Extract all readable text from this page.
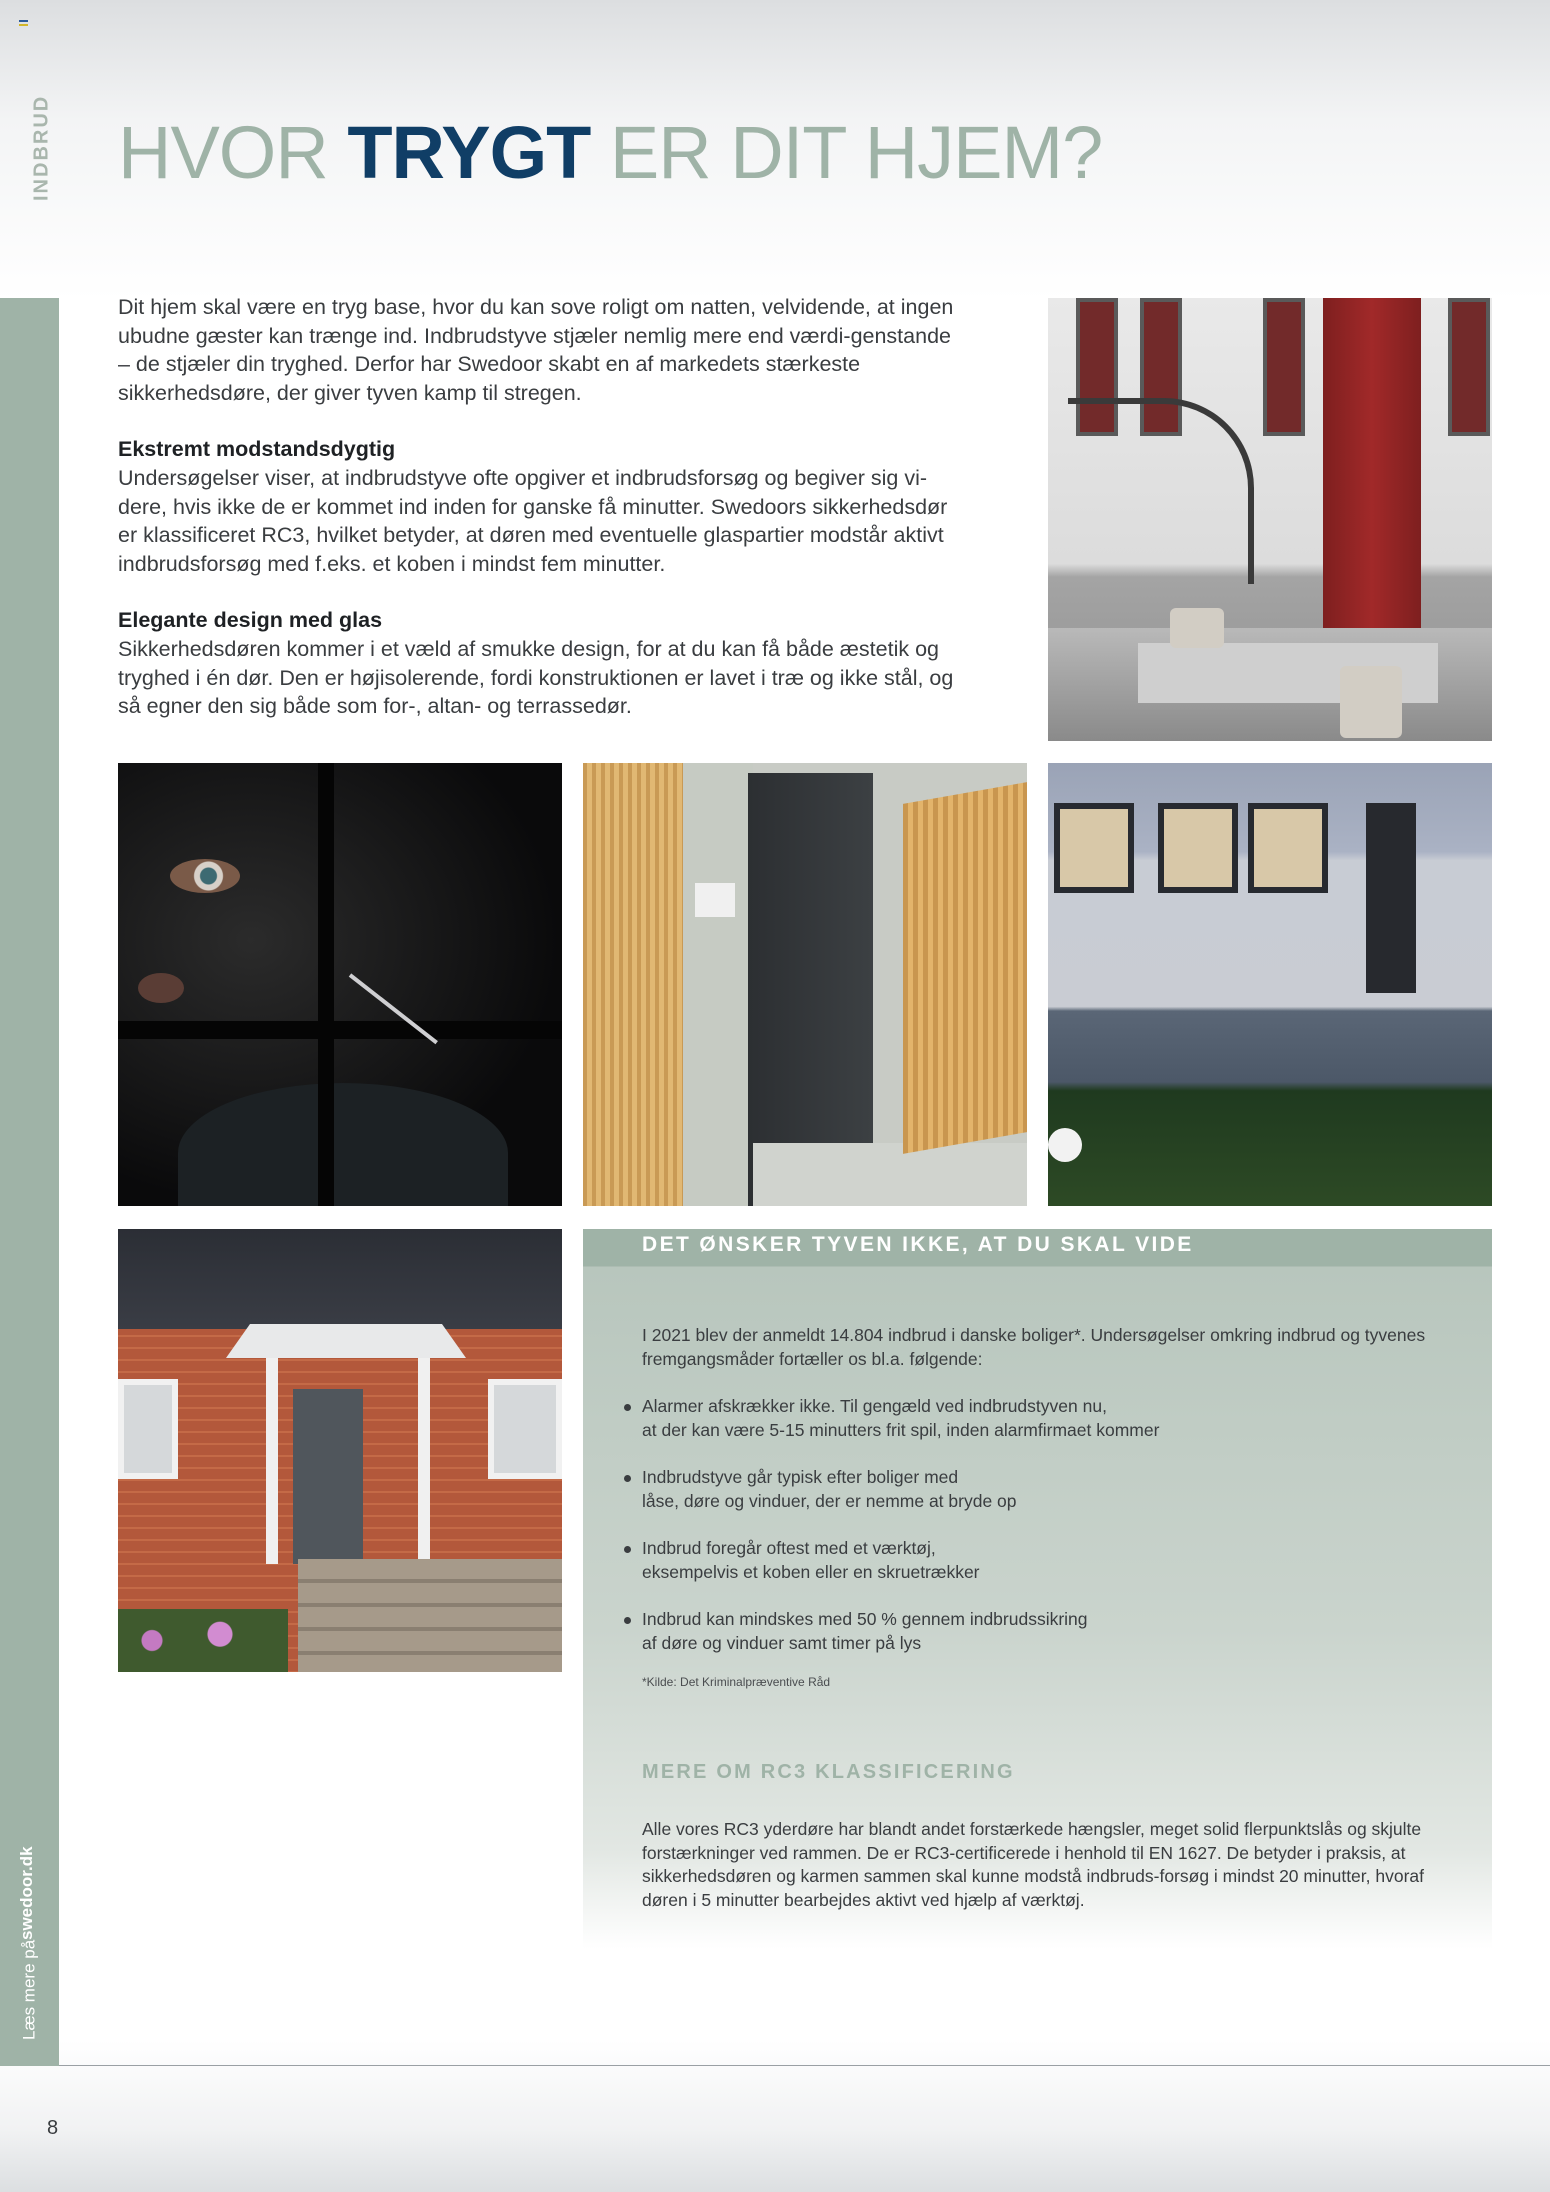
INDBRUD HVOR TRYGT ER DIT HJEM?
Læs mere på
swedoor.dk

Dit hjem skal være en tryg base, hvor du kan sove roligt om natten, velvidende, at ingen ubudne gæster kan trænge ind. Indbrudstyve stjæler nemlig mere end værdi-genstande – de stjæler din tryghed. Derfor har Swedoor skabt en af markedets stærkeste sikkerhedsdøre, der giver tyven kamp til stregen.

Ekstremt modstandsdygtig

Undersøgelser viser, at indbrudstyve ofte opgiver et indbrudsforsøg og begiver sig vi-dere, hvis ikke de er kommet ind inden for ganske få minutter. Swedoors sikkerhedsdør er klassificeret RC3, hvilket betyder, at døren med eventuelle glaspartier modstår aktivt indbrudsforsøg med f.eks. et koben i mindst fem minutter.

Elegante design med glas

Sikkerhedsdøren kommer i et væld af smukke design, for at du kan få både æstetik og tryghed i én dør. Den er højisolerende, fordi konstruktionen er lavet i træ og ikke stål, og så egner den sig både som for-, altan- og terrassedør.

DET ØNSKER TYVEN IKKE, AT DU SKAL VIDE
I 2021 blev der anmeldt 14.804 indbrud i danske boliger*. Undersøgelser omkring indbrud og tyvenes fremgangsmåder fortæller os bl.a. følgende:
Alarmer afskrækker ikke. Til gengæld ved indbrudstyven nu,
at der kan være 5-15 minutters frit spil, inden alarmfirmaet kommer
Indbrudstyve går typisk efter boliger med
låse, døre og vinduer, der er nemme at bryde op
Indbrud foregår oftest med et værktøj,
eksempelvis et koben eller en skruetrækker
Indbrud kan mindskes med 50 % gennem indbrudssikring
af døre og vinduer samt timer på lys
*Kilde: Det Kriminalpræventive Råd
MERE OM RC3 KLASSIFICERING
Alle vores RC3 yderdøre har blandt andet forstærkede hængsler, meget solid flerpunktslås og skjulte forstærkninger ved rammen. De er RC3-certificerede i henhold til EN 1627. De betyder i praksis, at sikkerhedsdøren og karmen sammen skal kunne modstå indbruds-forsøg i mindst 20 minutter, hvoraf døren i 5 minutter bearbejdes aktivt ved hjælp af værktøj.
8
